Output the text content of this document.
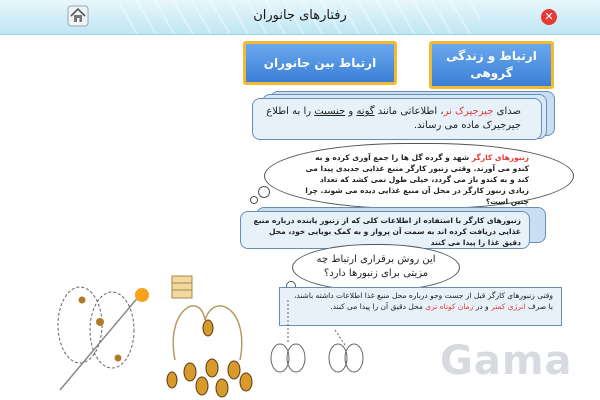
رفتارهای جانوران	✕
ارتباط و زندگی گروهی
ارتباط بین جانوران
صدای جیرجیرک نر، اطلاعاتی مانند گونه و جنسیت را به اطلاع جیرجیرک ماده می رساند.
زنبورهای کارگر شهد و گرده گل ها را جمع آوری کرده و به کندو می آورند. وقتی زنبور کارگر منبع غذایی جدیدی پیدا می کند و به کندو باز می گردد، خیلی طول نمی کشد که تعداد زیادی زنبور کارگر در محل آن منبع غذایی دیده می شوند. چرا چنین است؟
زنبورهای کارگر با استفاده از اطلاعات کلی که از زنبور یابنده درباره منبع غذایی دریافت کرده اند به سمت آن پرواز و به کمک بویایی خود، محل دقیق غذا را پیدا می کنند
این روش برقراری ارتباط چه مزیتی برای زنبورها دارد؟
وقتی زنبورهای کارگر قبل از جست وجو درباره محل منبع غذا اطلاعات داشته باشند،
با صرف انرژی کمتر و در زمان کوتاه تری محل دقیق آن را پیدا می کنند.
Gama
